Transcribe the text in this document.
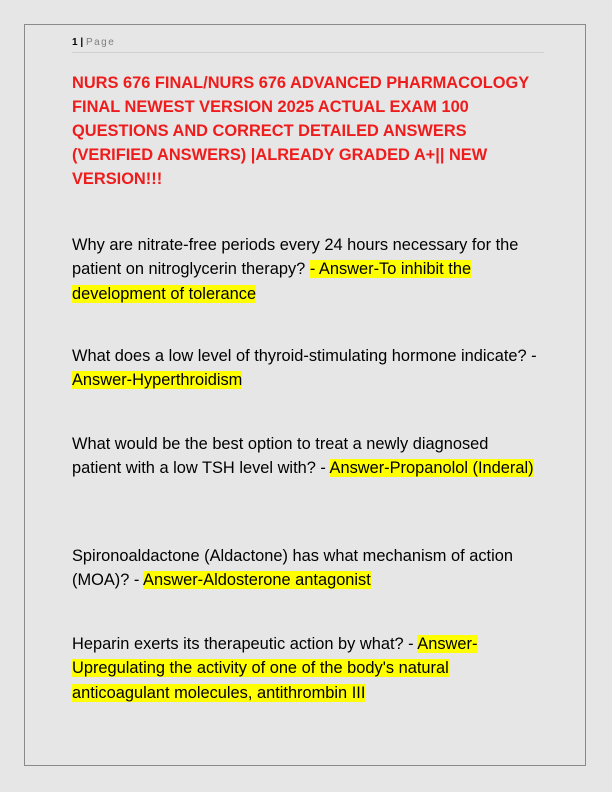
1 | Page
NURS 676 FINAL/NURS 676 ADVANCED PHARMACOLOGY FINAL NEWEST VERSION 2025 ACTUAL EXAM 100 QUESTIONS AND CORRECT DETAILED ANSWERS (VERIFIED ANSWERS) |ALREADY GRADED A+|| NEW VERSION!!!

Why are nitrate-free periods every 24 hours necessary for the patient on nitroglycerin therapy? - Answer-To inhibit the development of tolerance

What does a low level of thyroid-stimulating hormone indicate? - Answer-Hyperthroidism

What would be the best option to treat a newly diagnosed patient with a low TSH level with? - Answer-Propanolol (Inderal)

Spironoaldactone (Aldactone) has what mechanism of action (MOA)? - Answer-Aldosterone antagonist

Heparin exerts its therapeutic action by what? - Answer-Upregulating the activity of one of the body's natural anticoagulant molecules, antithrombin III
